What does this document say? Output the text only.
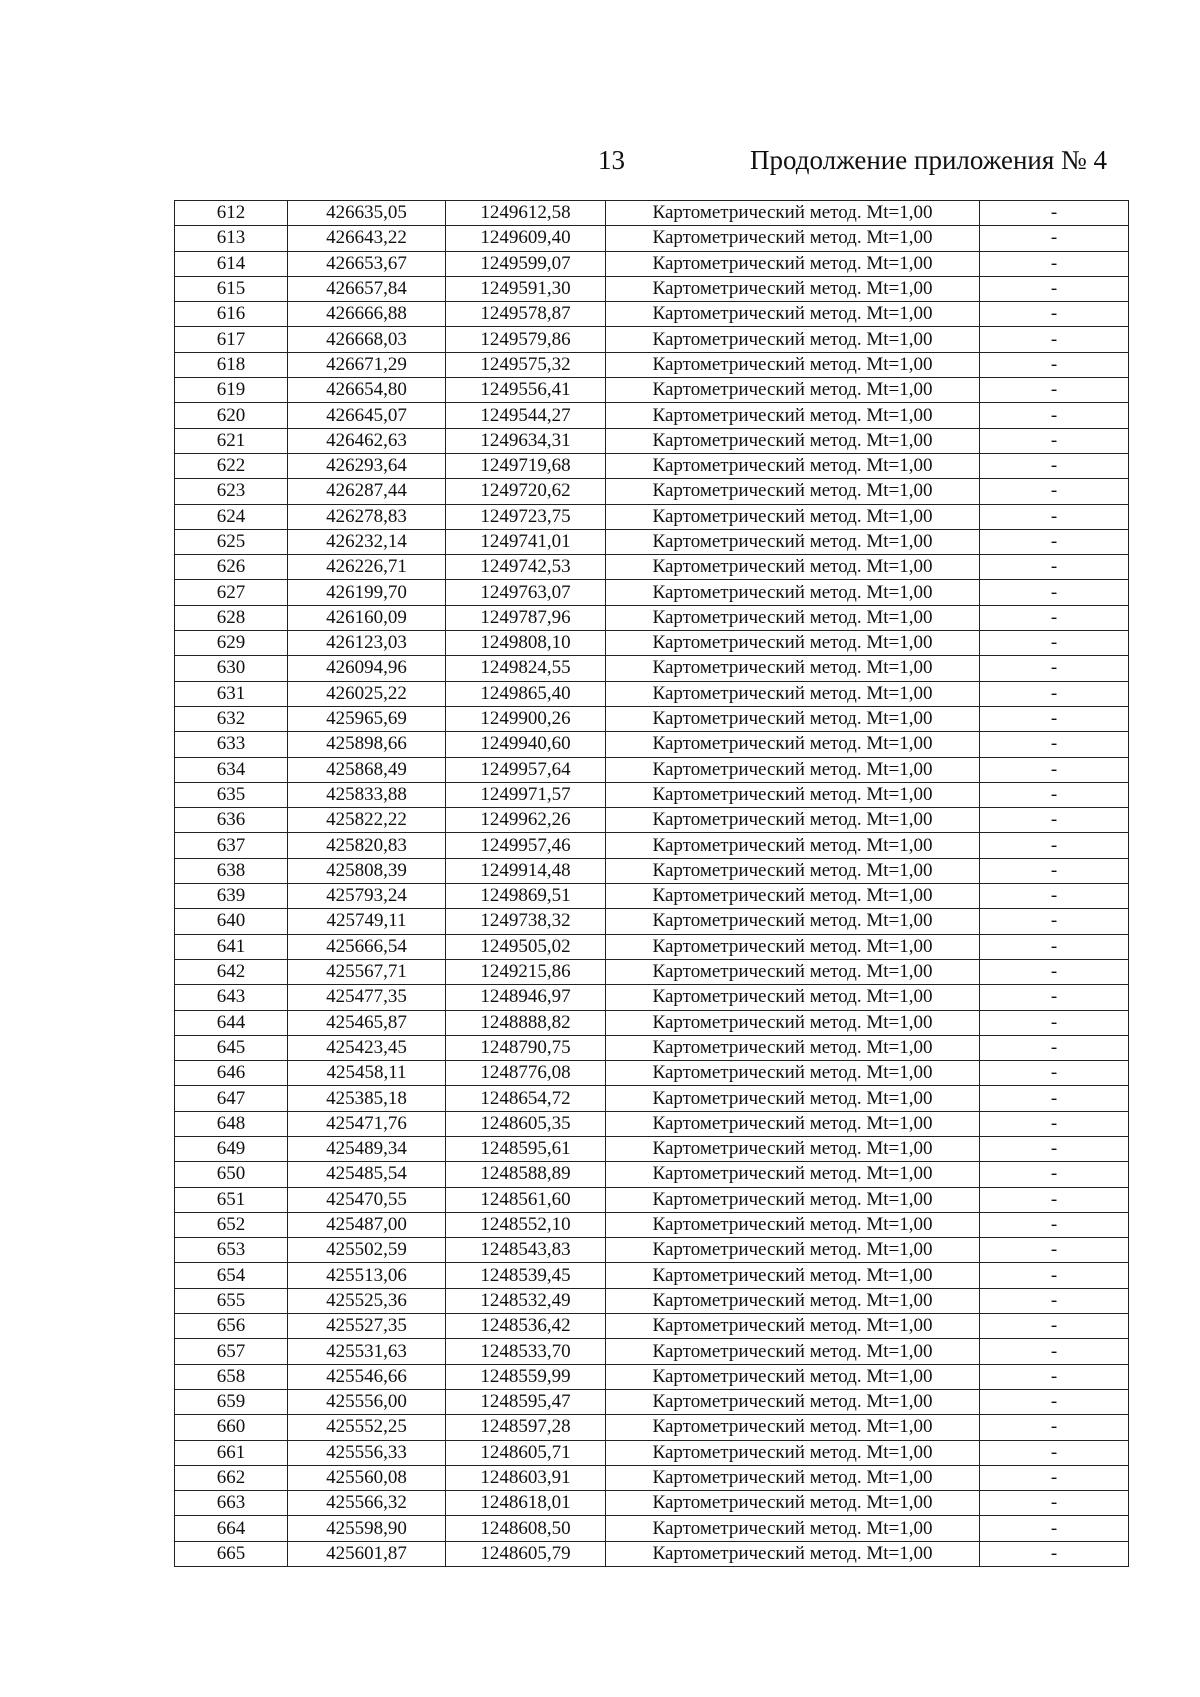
13	Продолжение приложения № 4
612	426635,05	1249612,58	Картометрический метод. Mt=1,00	-
613	426643,22	1249609,40	Картометрический метод. Mt=1,00	-
614	426653,67	1249599,07	Картометрический метод. Mt=1,00	-
615	426657,84	1249591,30	Картометрический метод. Mt=1,00	-
616	426666,88	1249578,87	Картометрический метод. Mt=1,00	-
617	426668,03	1249579,86	Картометрический метод. Mt=1,00	-
618	426671,29	1249575,32	Картометрический метод. Mt=1,00	-
619	426654,80	1249556,41	Картометрический метод. Mt=1,00	-
620	426645,07	1249544,27	Картометрический метод. Mt=1,00	-
621	426462,63	1249634,31	Картометрический метод. Mt=1,00	-
622	426293,64	1249719,68	Картометрический метод. Mt=1,00	-
623	426287,44	1249720,62	Картометрический метод. Mt=1,00	-
624	426278,83	1249723,75	Картометрический метод. Mt=1,00	-
625	426232,14	1249741,01	Картометрический метод. Mt=1,00	-
626	426226,71	1249742,53	Картометрический метод. Mt=1,00	-
627	426199,70	1249763,07	Картометрический метод. Mt=1,00	-
628	426160,09	1249787,96	Картометрический метод. Mt=1,00	-
629	426123,03	1249808,10	Картометрический метод. Mt=1,00	-
630	426094,96	1249824,55	Картометрический метод. Mt=1,00	-
631	426025,22	1249865,40	Картометрический метод. Mt=1,00	-
632	425965,69	1249900,26	Картометрический метод. Mt=1,00	-
633	425898,66	1249940,60	Картометрический метод. Mt=1,00	-
634	425868,49	1249957,64	Картометрический метод. Mt=1,00	-
635	425833,88	1249971,57	Картометрический метод. Mt=1,00	-
636	425822,22	1249962,26	Картометрический метод. Mt=1,00	-
637	425820,83	1249957,46	Картометрический метод. Mt=1,00	-
638	425808,39	1249914,48	Картометрический метод. Mt=1,00	-
639	425793,24	1249869,51	Картометрический метод. Mt=1,00	-
640	425749,11	1249738,32	Картометрический метод. Mt=1,00	-
641	425666,54	1249505,02	Картометрический метод. Mt=1,00	-
642	425567,71	1249215,86	Картометрический метод. Mt=1,00	-
643	425477,35	1248946,97	Картометрический метод. Mt=1,00	-
644	425465,87	1248888,82	Картометрический метод. Mt=1,00	-
645	425423,45	1248790,75	Картометрический метод. Mt=1,00	-
646	425458,11	1248776,08	Картометрический метод. Mt=1,00	-
647	425385,18	1248654,72	Картометрический метод. Mt=1,00	-
648	425471,76	1248605,35	Картометрический метод. Mt=1,00	-
649	425489,34	1248595,61	Картометрический метод. Mt=1,00	-
650	425485,54	1248588,89	Картометрический метод. Mt=1,00	-
651	425470,55	1248561,60	Картометрический метод. Mt=1,00	-
652	425487,00	1248552,10	Картометрический метод. Mt=1,00	-
653	425502,59	1248543,83	Картометрический метод. Mt=1,00	-
654	425513,06	1248539,45	Картометрический метод. Mt=1,00	-
655	425525,36	1248532,49	Картометрический метод. Mt=1,00	-
656	425527,35	1248536,42	Картометрический метод. Mt=1,00	-
657	425531,63	1248533,70	Картометрический метод. Mt=1,00	-
658	425546,66	1248559,99	Картометрический метод. Mt=1,00	-
659	425556,00	1248595,47	Картометрический метод. Mt=1,00	-
660	425552,25	1248597,28	Картометрический метод. Mt=1,00	-
661	425556,33	1248605,71	Картометрический метод. Mt=1,00	-
662	425560,08	1248603,91	Картометрический метод. Mt=1,00	-
663	425566,32	1248618,01	Картометрический метод. Mt=1,00	-
664	425598,90	1248608,50	Картометрический метод. Mt=1,00	-
665	425601,87	1248605,79	Картометрический метод. Mt=1,00	-
